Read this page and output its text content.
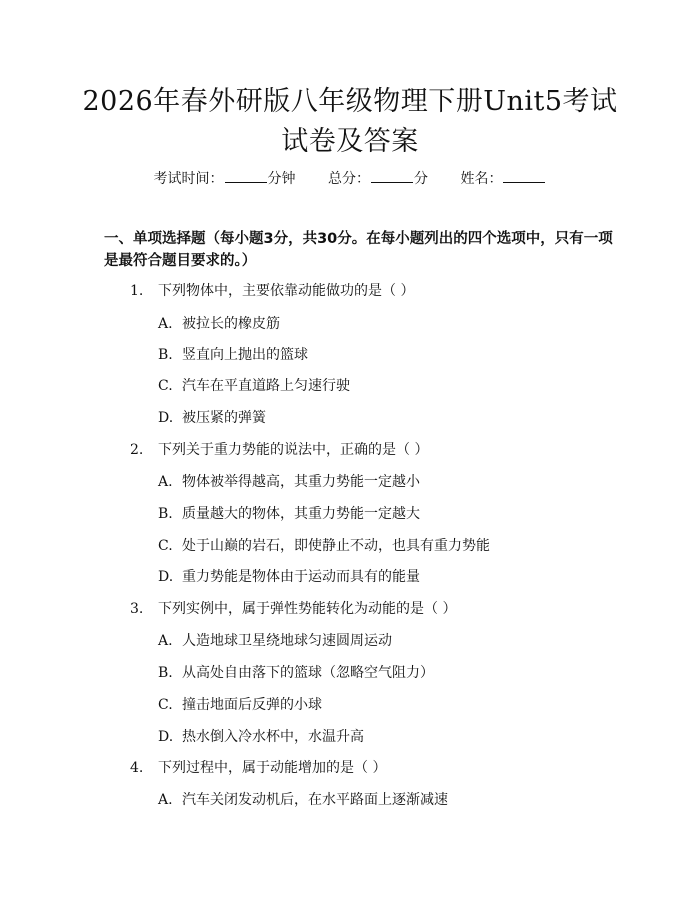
2026年春外研版八年级物理下册Unit5考试试卷及答案
考试时间：	分钟 总分：	分 姓名：
一、单项选择题（每小题3分，共30分。在每小题列出的四个选项中，只有一项是最符合题目要求的。）
1. 下列物体中，主要依靠动能做功的是（ ）
A. 被拉长的橡皮筋
B. 竖直向上抛出的篮球
C. 汽车在平直道路上匀速行驶
D. 被压紧的弹簧
2. 下列关于重力势能的说法中，正确的是（ ）
A. 物体被举得越高，其重力势能一定越小
B. 质量越大的物体，其重力势能一定越大
C. 处于山巅的岩石，即使静止不动，也具有重力势能
D. 重力势能是物体由于运动而具有的能量
3. 下列实例中，属于弹性势能转化为动能的是（ ）
A. 人造地球卫星绕地球匀速圆周运动
B. 从高处自由落下的篮球（忽略空气阻力）
C. 撞击地面后反弹的小球
D. 热水倒入冷水杯中，水温升高
4. 下列过程中，属于动能增加的是（ ）
A. 汽车关闭发动机后，在水平路面上逐渐减速
